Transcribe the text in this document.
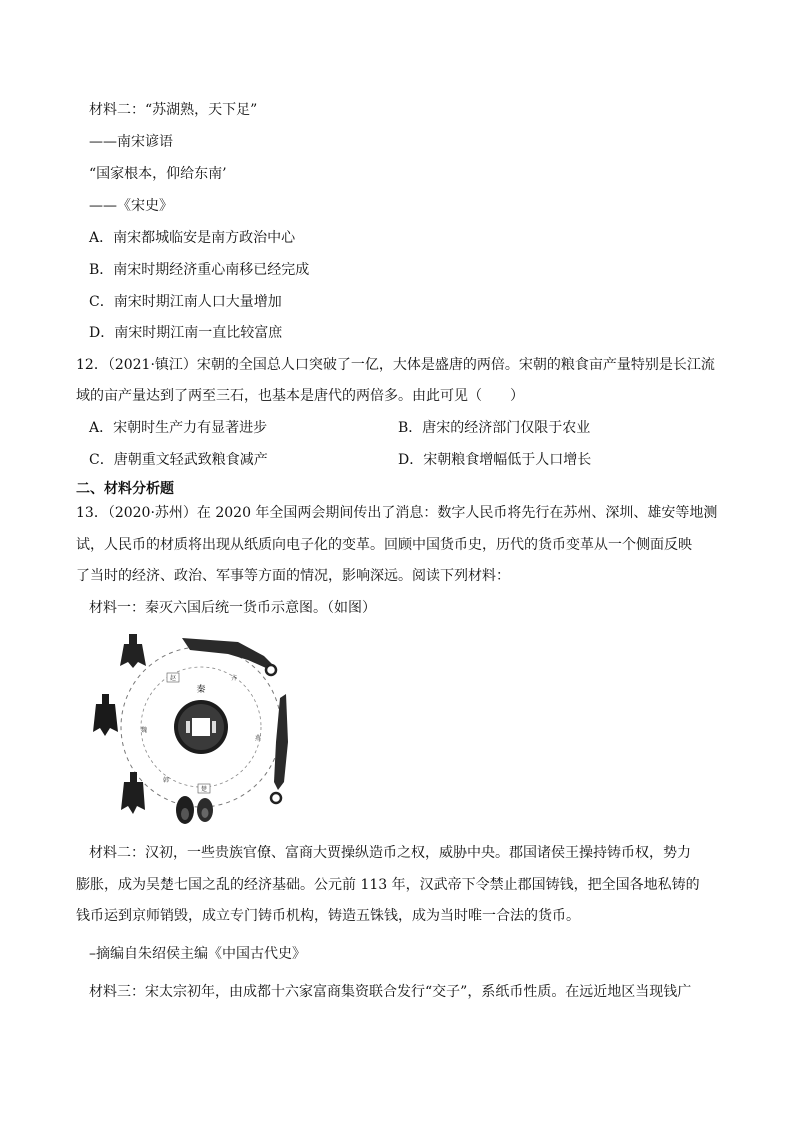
材料二：“苏湖熟，天下足”
——南宋谚语
“国家根本，仰给东南’
——《宋史》
A．南宋都城临安是南方政治中心
B．南宋时期经济重心南移已经完成
C．南宋时期江南人口大量增加
D．南宋时期江南一直比较富庶
12．（2021·镇江）宋朝的全国总人口突破了一亿，大体是盛唐的两倍。宋朝的粮食亩产量特别是长江流
域的亩产量达到了两至三石，也基本是唐代的两倍多。由此可见（　　）
A．宋朝时生产力有显著进步	B．唐宋的经济部门仅限于农业
C．唐朝重文轻武致粮食减产	D．宋朝粮食增幅低于人口增长
二、材料分析题
13．（2020·苏州）在 2020 年全国两会期间传出了消息：数字人民币将先行在苏州、深圳、雄安等地测
试，人民币的材质将出现从纸质向电子化的变革。回顾中国货币史，历代的货币变革从一个侧面反映
了当时的经济、政治、军事等方面的情况，影响深远。阅读下列材料：
材料一：秦灭六国后统一货币示意图。（如图）
秦
赵	齐
魏
燕
韩
楚
材料二：汉初，一些贵族官僚、富商大贾操纵造币之权，威胁中央。郡国诸侯王操持铸币权，势力
膨胀，成为吴楚七国之乱的经济基础。公元前 113 年，汉武帝下令禁止郡国铸钱，把全国各地私铸的
钱币运到京师销毁，成立专门铸币机构，铸造五铢钱，成为当时唯一合法的货币。
–摘编自朱绍侯主编《中国古代史》
材料三：宋太宗初年，由成都十六家富商集资联合发行“交子”，系纸币性质。在远近地区当现钱广
